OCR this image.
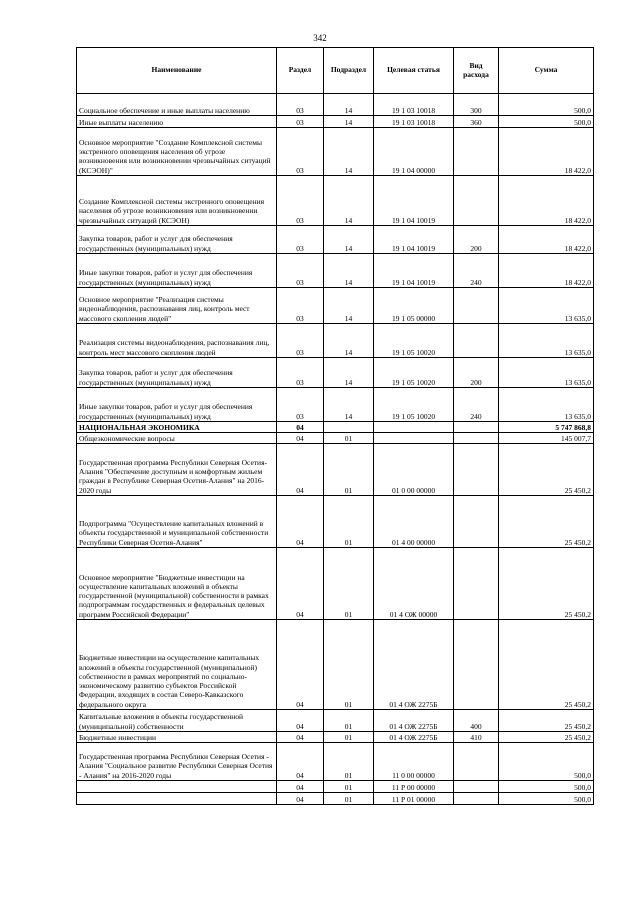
342
Наименование	Раздел	Подраздел	Целевая статья	Вид расхода	Сумма
Социальное обеспечение и иные выплаты населению	03	14	19 1 03 10018	300	500,0
Иные выплаты населению	03	14	19 1 03 10018	360	500,0
Основное мероприятие "Создание Комплексной системы экстренного оповещения населения об угрозе возникновения или возникновении чрезвычайных ситуаций (КСЭОН)"	03	14	19 1 04 00000		18 422,0
Создание Комплексной системы экстренного оповещения населения об угрозе возникновения или возникновении чрезвычайных ситуаций (КСЭОН)	03	14	19 1 04 10019		18 422,0
Закупка товаров, работ и услуг для обеспечения государственных (муниципальных) нужд	03	14	19 1 04 10019	200	18 422,0
Иные закупки товаров, работ и услуг для обеспечения государственных (муниципальных) нужд	03	14	19 1 04 10019	240	18 422,0
Основное мероприятие "Реализация системы видеонаблюдения, распознавания лиц, контроль мест массового скопления людей"	03	14	19 1 05 00000		13 635,0
Реализация системы видеонаблюдения, распознавания лиц, контроль мест массового скопления людей	03	14	19 1 05 10020		13 635,0
Закупка товаров, работ и услуг для обеспечения государственных (муниципальных) нужд	03	14	19 1 05 10020	200	13 635,0
Иные закупки товаров, работ и услуг для обеспечения государственных (муниципальных) нужд	03	14	19 1 05 10020	240	13 635,0
НАЦИОНАЛЬНАЯ ЭКОНОМИКА	04				5 747 868,8
Общеэкономические вопросы	04	01			145 007,7
Государственная программа Республики Северная Осетия-Алания "Обеспечение доступным и комфортным жильем граждан в Республике Северная Осетия-Алания" на 2016-2020 годы	04	01	01 0 00 00000		25 450,2
Подпрограмма "Осуществление капитальных вложений в объекты государственной и муниципальной собственности Республики Северная Осетия-Алания"	04	01	01 4 00 00000		25 450,2
Основное мероприятие "Бюджетные инвестиции на осуществление капитальных вложений в объекты государственной (муниципальной) собственности в рамках подпрограммам государственных и федеральных целевых программ Российской Федерации"	04	01	01 4 ОЖ 00000		25 450,2
Бюджетные инвестиции на осуществление капитальных вложений в объекты государственной (муниципальной) собственности в рамках мероприятий по социально-экономическому развитию субъектов Российской Федерации, входящих в состав Северо-Кавказского федерального округа	04	01	01 4 ОЖ 2275Б		25 450,2
Капитальные вложения в объекты государственной (муниципальной) собственности	04	01	01 4 ОЖ 2275Б	400	25 450,2
Бюджетные инвестиции	04	01	01 4 ОЖ 2275Б	410	25 450,2
Государственная программа Республики Северная Осетия - Алания "Социальное развитие Республики Северная Осетия - Алания" на 2016-2020 годы	04	01	11 0 00 00000		500,0
	04	01	11 Р 00 00000		500,0
	04	01	11 Р 01 00000		500,0
